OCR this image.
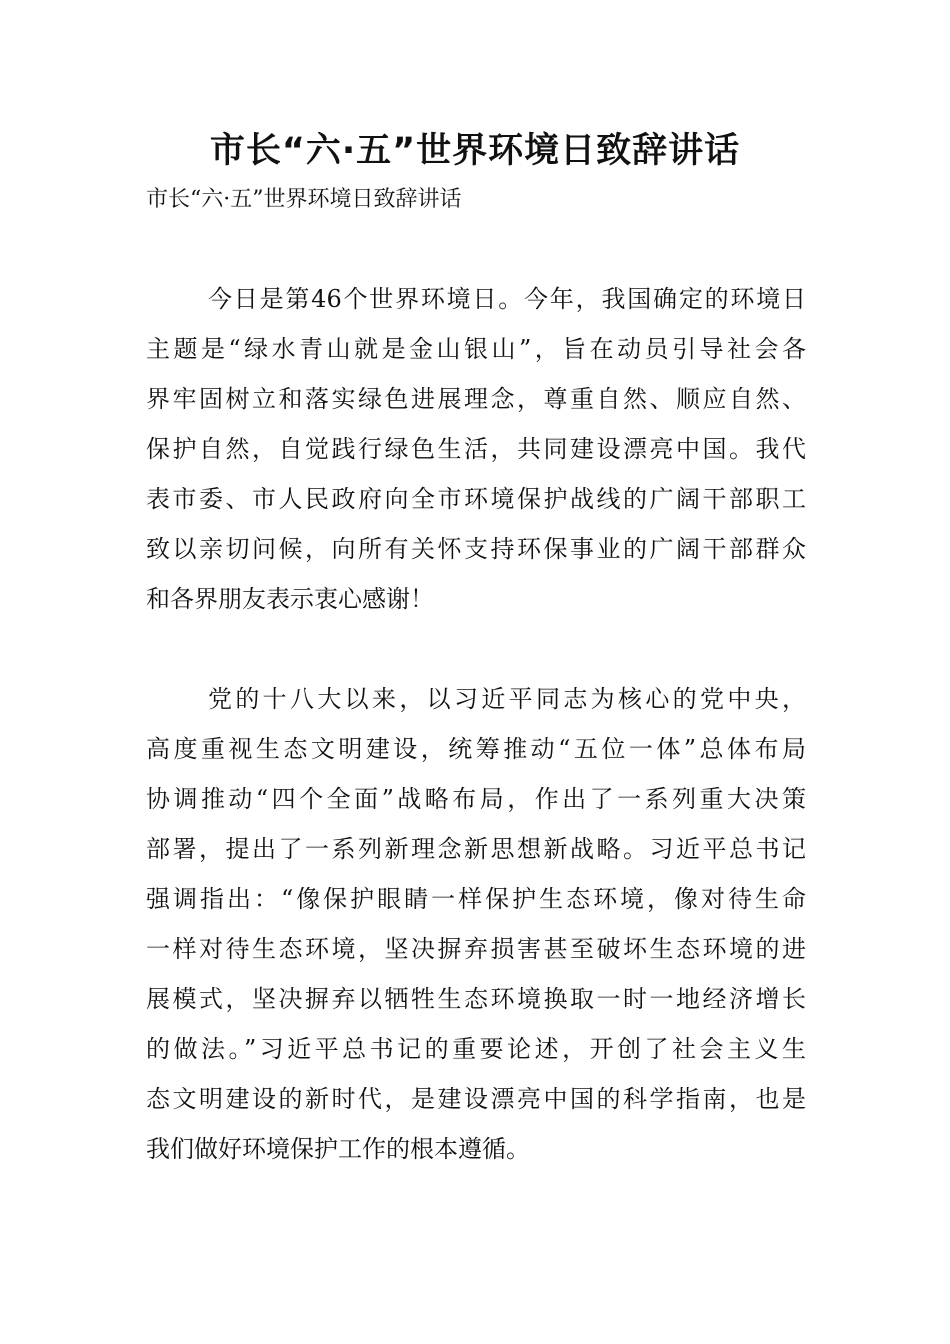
市长“六·五”世界环境日致辞讲话

市长“六·五”世界环境日致辞讲话

今日是第46个世界环境日。今年，我国确定的环境日
主题是“绿水青山就是金山银山”，旨在动员引导社会各
界牢固树立和落实绿色进展理念，尊重自然、顺应自然、
保护自然，自觉践行绿色生活，共同建设漂亮中国。我代
表市委、市人民政府向全市环境保护战线的广阔干部职工
致以亲切问候，向所有关怀支持环保事业的广阔干部群众
和各界朋友表示衷心感谢！
党的十八大以来，以习近平同志为核心的党中央，
高度重视生态文明建设，统筹推动“五位一体”总体布局
协调推动“四个全面”战略布局，作出了一系列重大决策
部署，提出了一系列新理念新思想新战略。习近平总书记
强调指出：“像保护眼睛一样保护生态环境，像对待生命
一样对待生态环境，坚决摒弃损害甚至破坏生态环境的进
展模式，坚决摒弃以牺牲生态环境换取一时一地经济增长
的做法。”习近平总书记的重要论述，开创了社会主义生
态文明建设的新时代，是建设漂亮中国的科学指南，也是
我们做好环境保护工作的根本遵循。
